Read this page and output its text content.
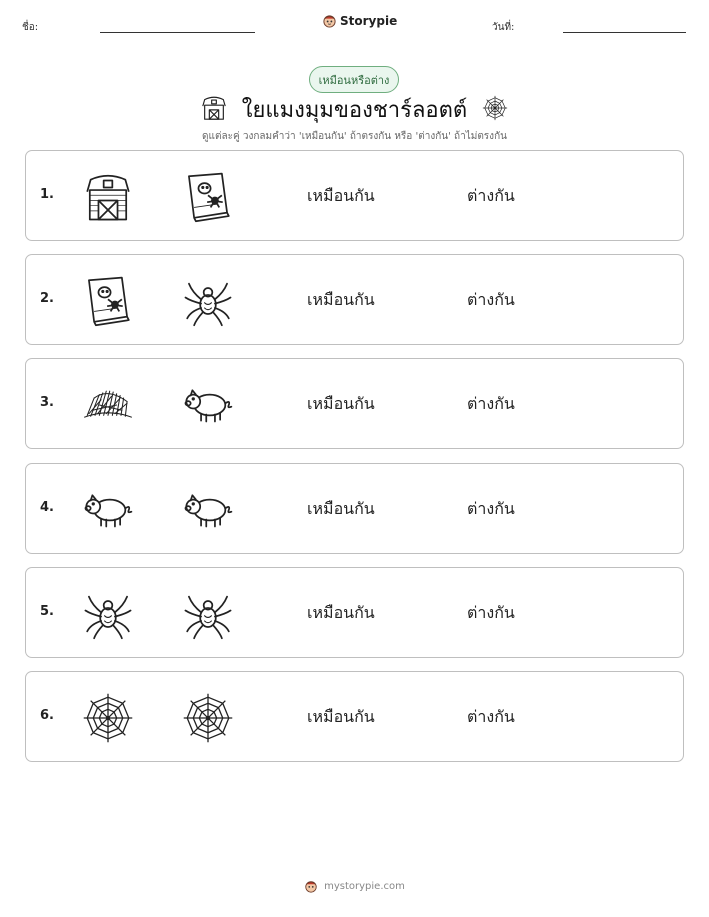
ชื่อ:	Storypie	วันที่:
เหมือนหรือต่าง
ใยแมงมุมของชาร์ลอตต์
ดูแต่ละคู่ วงกลมคำว่า 'เหมือนกัน' ถ้าตรงกัน หรือ 'ต่างกัน' ถ้าไม่ตรงกัน
1.	เหมือนกัน	ต่างกัน
2.	เหมือนกัน	ต่างกัน
3.	เหมือนกัน	ต่างกัน
4.	เหมือนกัน	ต่างกัน
5.	เหมือนกัน	ต่างกัน
6.	เหมือนกัน	ต่างกัน
mystorypie.com
